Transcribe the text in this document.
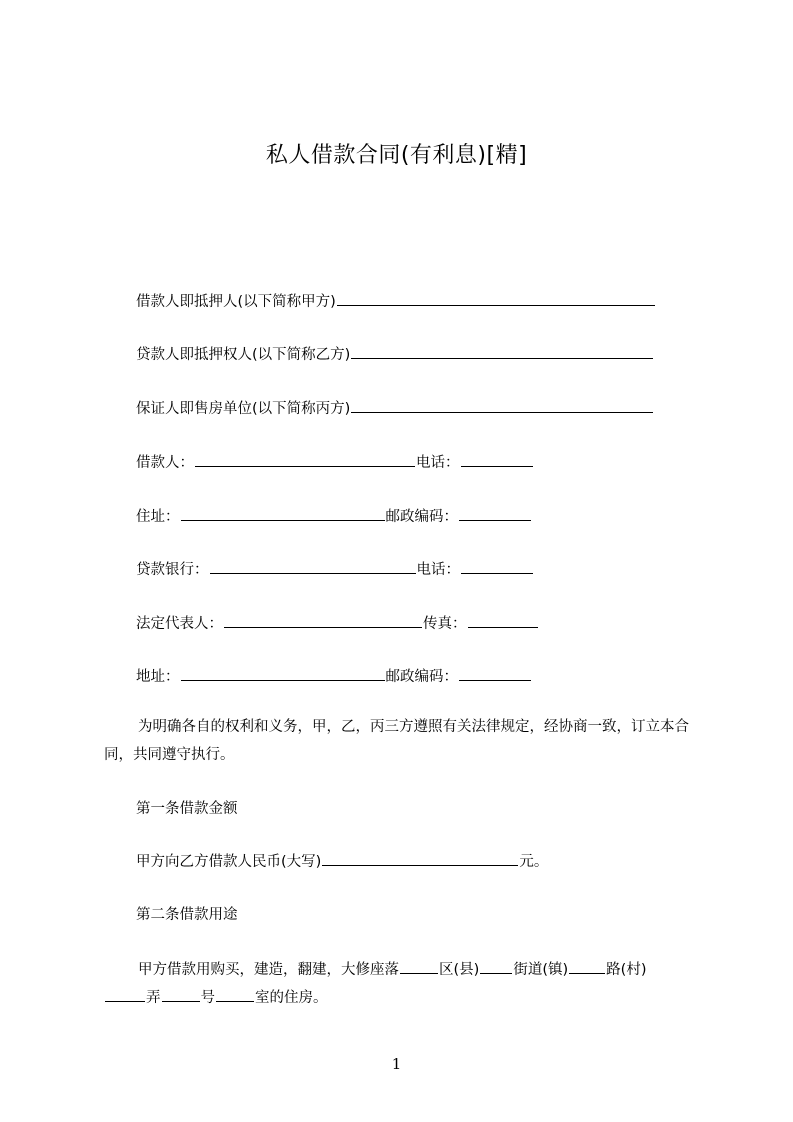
私人借款合同(有利息)[精]
借款人即抵押人(以下简称甲方)
贷款人即抵押权人(以下简称乙方)
保证人即售房单位(以下简称丙方)
借款人：	电话：
住址：	邮政编码：
贷款银行：	电话：
法定代表人：	传真：
地址：	邮政编码：
为明确各自的权利和义务，甲，乙，丙三方遵照有关法律规定，经协商一致，订立本合同，共同遵守执行。
第一条借款金额
甲方向乙方借款人民币(大写)	元。
第二条借款用途
甲方借款用购买，建造，翻建，大修座落	区(县) 街道(镇)	路(村)
弄	号	室的住房。
1
